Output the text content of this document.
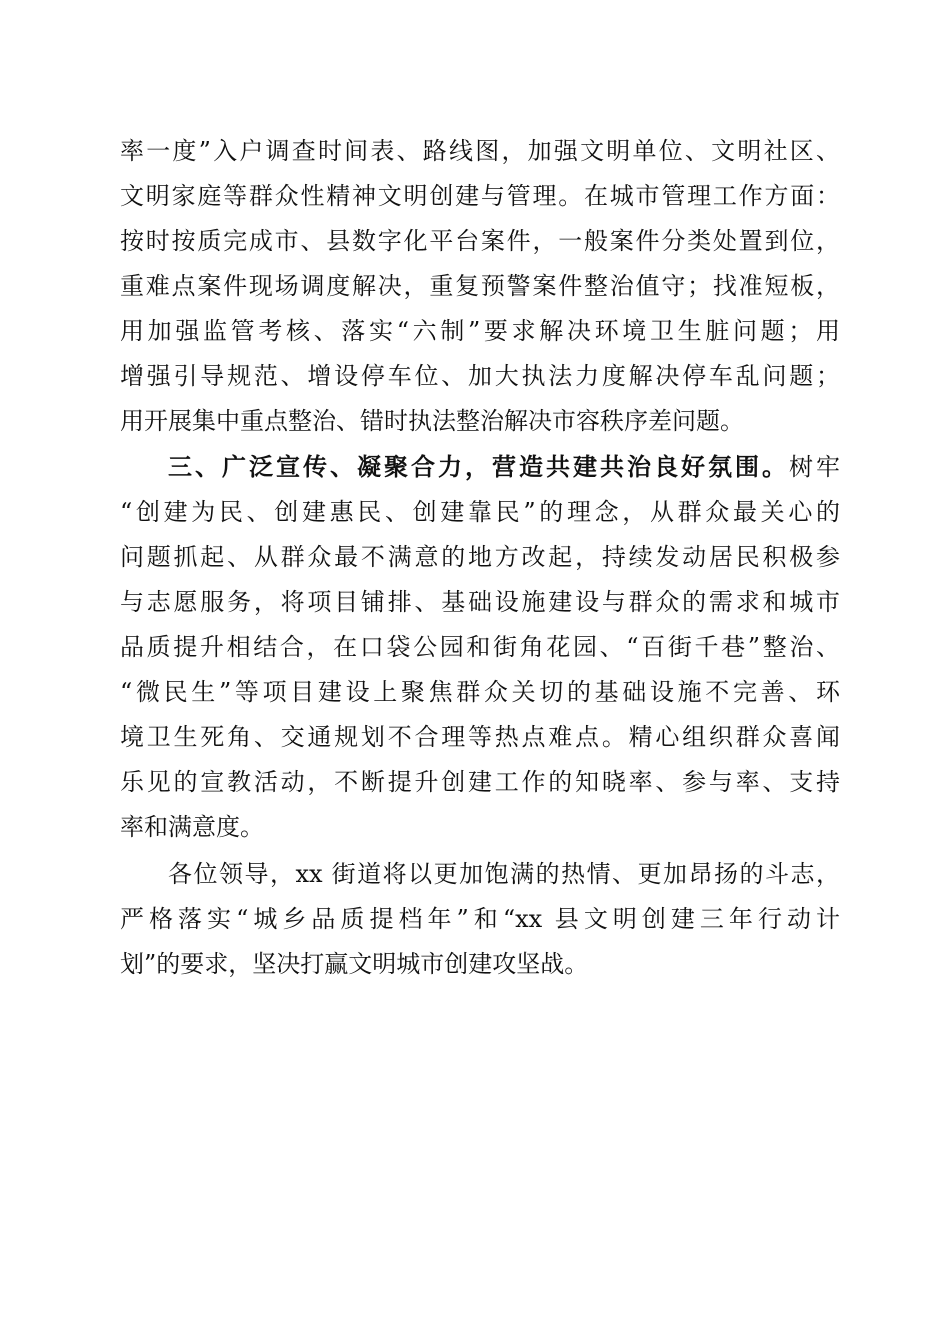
率一度”入户调查时间表、路线图，加强文明单位、文明社区、
文明家庭等群众性精神文明创建与管理。在城市管理工作方面：
按时按质完成市、县数字化平台案件，一般案件分类处置到位，
重难点案件现场调度解决，重复预警案件整治值守；找准短板，
用加强监管考核、落实“六制”要求解决环境卫生脏问题；用
增强引导规范、增设停车位、加大执法力度解决停车乱问题；
用开展集中重点整治、错时执法整治解决市容秩序差问题。
三、广泛宣传、凝聚合力，营造共建共治良好氛围。树牢
“创建为民、创建惠民、创建靠民”的理念，从群众最关心的
问题抓起、从群众最不满意的地方改起，持续发动居民积极参
与志愿服务，将项目铺排、基础设施建设与群众的需求和城市
品质提升相结合，在口袋公园和街角花园、“百街千巷”整治、
“微民生”等项目建设上聚焦群众关切的基础设施不完善、环
境卫生死角、交通规划不合理等热点难点。精心组织群众喜闻
乐见的宣教活动，不断提升创建工作的知晓率、参与率、支持
率和满意度。
各位领导，xx 街道将以更加饱满的热情、更加昂扬的斗志，
严格落实“城乡品质提档年”和“xx 县文明创建三年行动计
划”的要求，坚决打赢文明城市创建攻坚战。
